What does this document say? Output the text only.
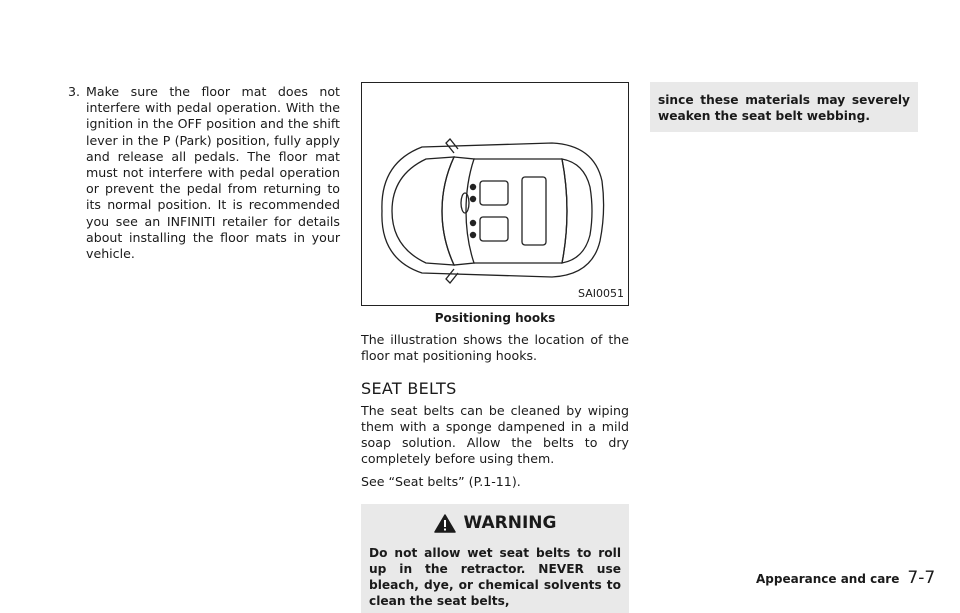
3. Make sure the floor mat does not interfere with pedal operation. With the ignition in the OFF position and the shift lever in the P (Park) position, fully apply and release all pedals. The floor mat must not interfere with pedal operation or prevent the pedal from returning to its normal position. It is recommended you see an INFINITI retailer for details about installing the floor mats in your vehicle.
SAI0051
Positioning hooks

The illustration shows the location of the floor mat positioning hooks.

SEAT BELTS

The seat belts can be cleaned by wiping them with a sponge dampened in a mild soap solution. Allow the belts to dry completely before using them.

See “Seat belts” (P.1-11).

WARNING
Do not allow wet seat belts to roll up in the retractor. NEVER use bleach, dye, or chemical solvents to clean the seat belts,
since these materials may severely weaken the seat belt webbing.
Appearance and care 7-7
